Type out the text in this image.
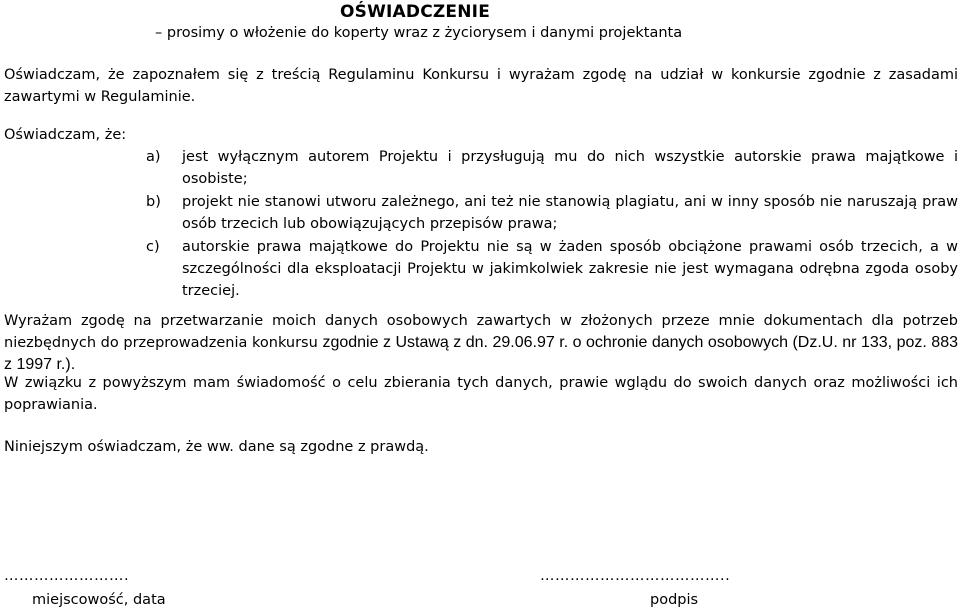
OŚWIADCZENIE
– prosimy o włożenie do koperty wraz z życiorysem i danymi projektanta
Oświadczam, że zapoznałem się z treścią Regulaminu Konkursu i wyrażam zgodę na udział w konkursie zgodnie z zasadami zawartymi w Regulaminie.
Oświadczam, że:
a) jest wyłącznym autorem Projektu i przysługują mu do nich wszystkie autorskie prawa majątkowe i osobiste;
b) projekt nie stanowi utworu zależnego, ani też nie stanowią plagiatu, ani w inny sposób nie naruszają praw osób trzecich lub obowiązujących przepisów prawa;
c) autorskie prawa majątkowe do Projektu nie są w żaden sposób obciążone prawami osób trzecich, a w szczególności dla eksploatacji Projektu w jakimkolwiek zakresie nie jest wymagana odrębna zgoda osoby trzeciej.
Wyrażam zgodę na przetwarzanie moich danych osobowych zawartych w złożonych przeze mnie dokumentach dla potrzeb niezbędnych do przeprowadzenia konkursu zgodnie z Ustawą z dn. 29.06.97 r. o ochronie danych osobowych (Dz.U. nr 133, poz. 883 z 1997 r.).
W związku z powyższym mam świadomość o celu zbierania tych danych, prawie wglądu do swoich danych oraz możliwości ich poprawiania.
Niniejszym oświadczam, że ww. dane są zgodne z prawdą.
…………………….
miejscowość, data
………………………………..
podpis
